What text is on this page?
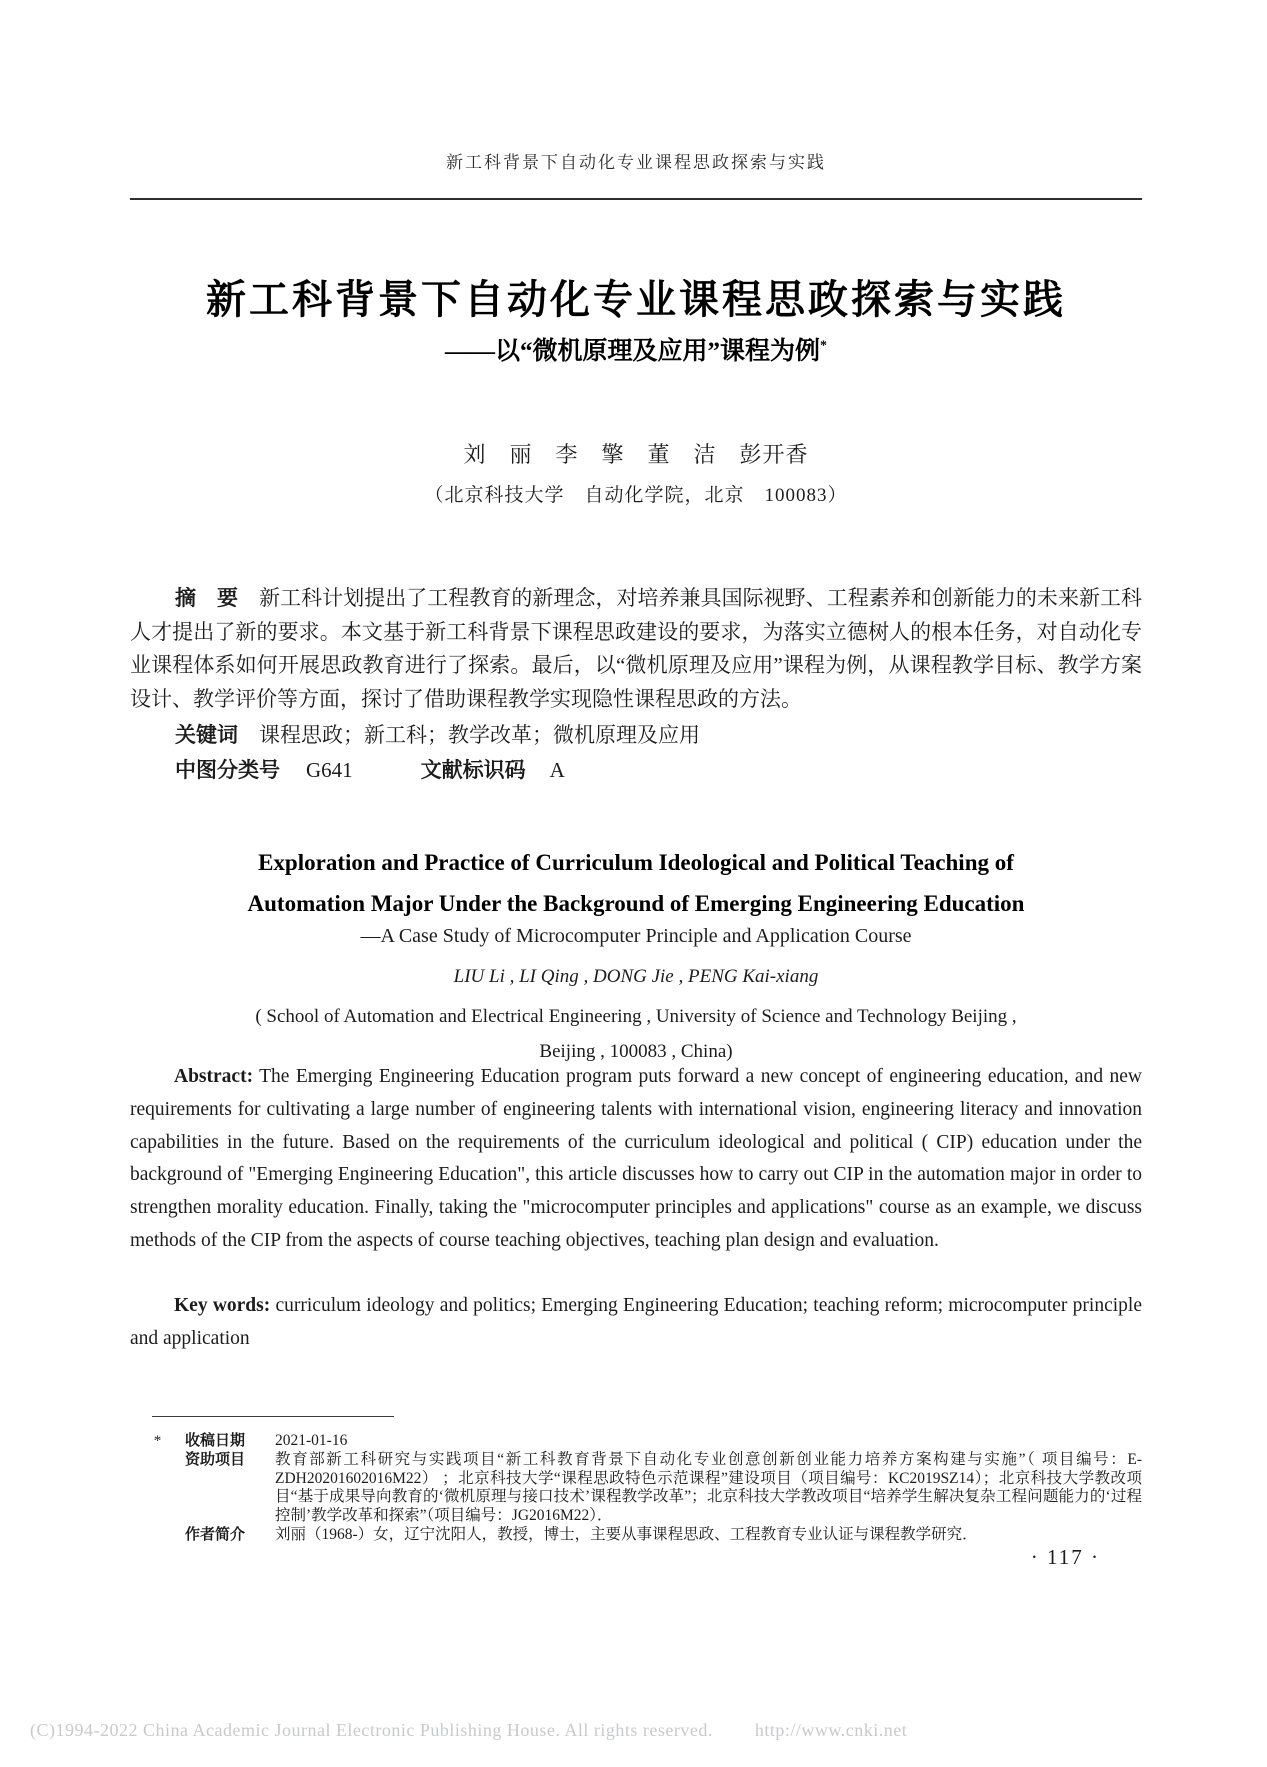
新工科背景下自动化专业课程思政探索与实践
新工科背景下自动化专业课程思政探索与实践
——以“微机原理及应用”课程为例*
刘　丽　李　擎　董　洁　彭开香
（北京科技大学　自动化学院，北京　100083）
摘　要　 新工科计划提出了工程教育的新理念，对培养兼具国际视野、工程素养和创新能力的未来新工科人才提出了新的要求。本文基于新工科背景下课程思政建设的要求，为落实立德树人的根本任务，对自动化专业课程体系如何开展思政教育进行了探索。最后，以“微机原理及应用”课程为例，从课程教学目标、教学方案设计、教学评价等方面，探讨了借助课程教学实现隐性课程思政的方法。
关键词　 课程思政；新工科；教学改革；微机原理及应用
中图分类号 G641	文献标识码 A
Exploration and Practice of Curriculum Ideological and Political Teaching of
Automation Major Under the Background of Emerging Engineering Education
—A Case Study of Microcomputer Principle and Application Course
LIU Li , LI Qing , DONG Jie , PENG Kai-xiang
( School of Automation and Electrical Engineering , University of Science and Technology Beijing ,
Beijing , 100083 , China)
Abstract: The Emerging Engineering Education program puts forward a new concept of engineering education, and new requirements for cultivating a large number of engineering talents with international vision, engineering literacy and innovation capabilities in the future. Based on the requirements of the curriculum ideological and political ( CIP) education under the background of "Emerging Engineering Education", this article discusses how to carry out CIP in the automation major in order to strengthen morality education. Finally, taking the "microcomputer principles and applications" course as an example, we discuss methods of the CIP from the aspects of course teaching objectives, teaching plan design and evaluation.
Key words: curriculum ideology and politics; Emerging Engineering Education; teaching reform; microcomputer principle and application
*	收稿日期	2021-01-16
资助项目	教育部新工科研究与实践项目“新工科教育背景下自动化专业创意创新创业能力培养方案构建与实施”（ 项目编号：E-ZDH20201602016M22） ；北京科技大学“课程思政特色示范课程”建设项目（项目编号：KC2019SZ14）；北京科技大学教改项目“基于成果导向教育的‘微机原理与接口技术’课程教学改革”；北京科技大学教改项目“培养学生解决复杂工程问题能力的‘过程控制’教学改革和探索”（项目编号：JG2016M22）．
作者简介	刘丽（1968-）女，辽宁沈阳人，教授，博士，主要从事课程思政、工程教育专业认证与课程教学研究．
· 117 ·
(C)1994-2022 China Academic Journal Electronic Publishing House. All rights reserved. http://www.cnki.net
